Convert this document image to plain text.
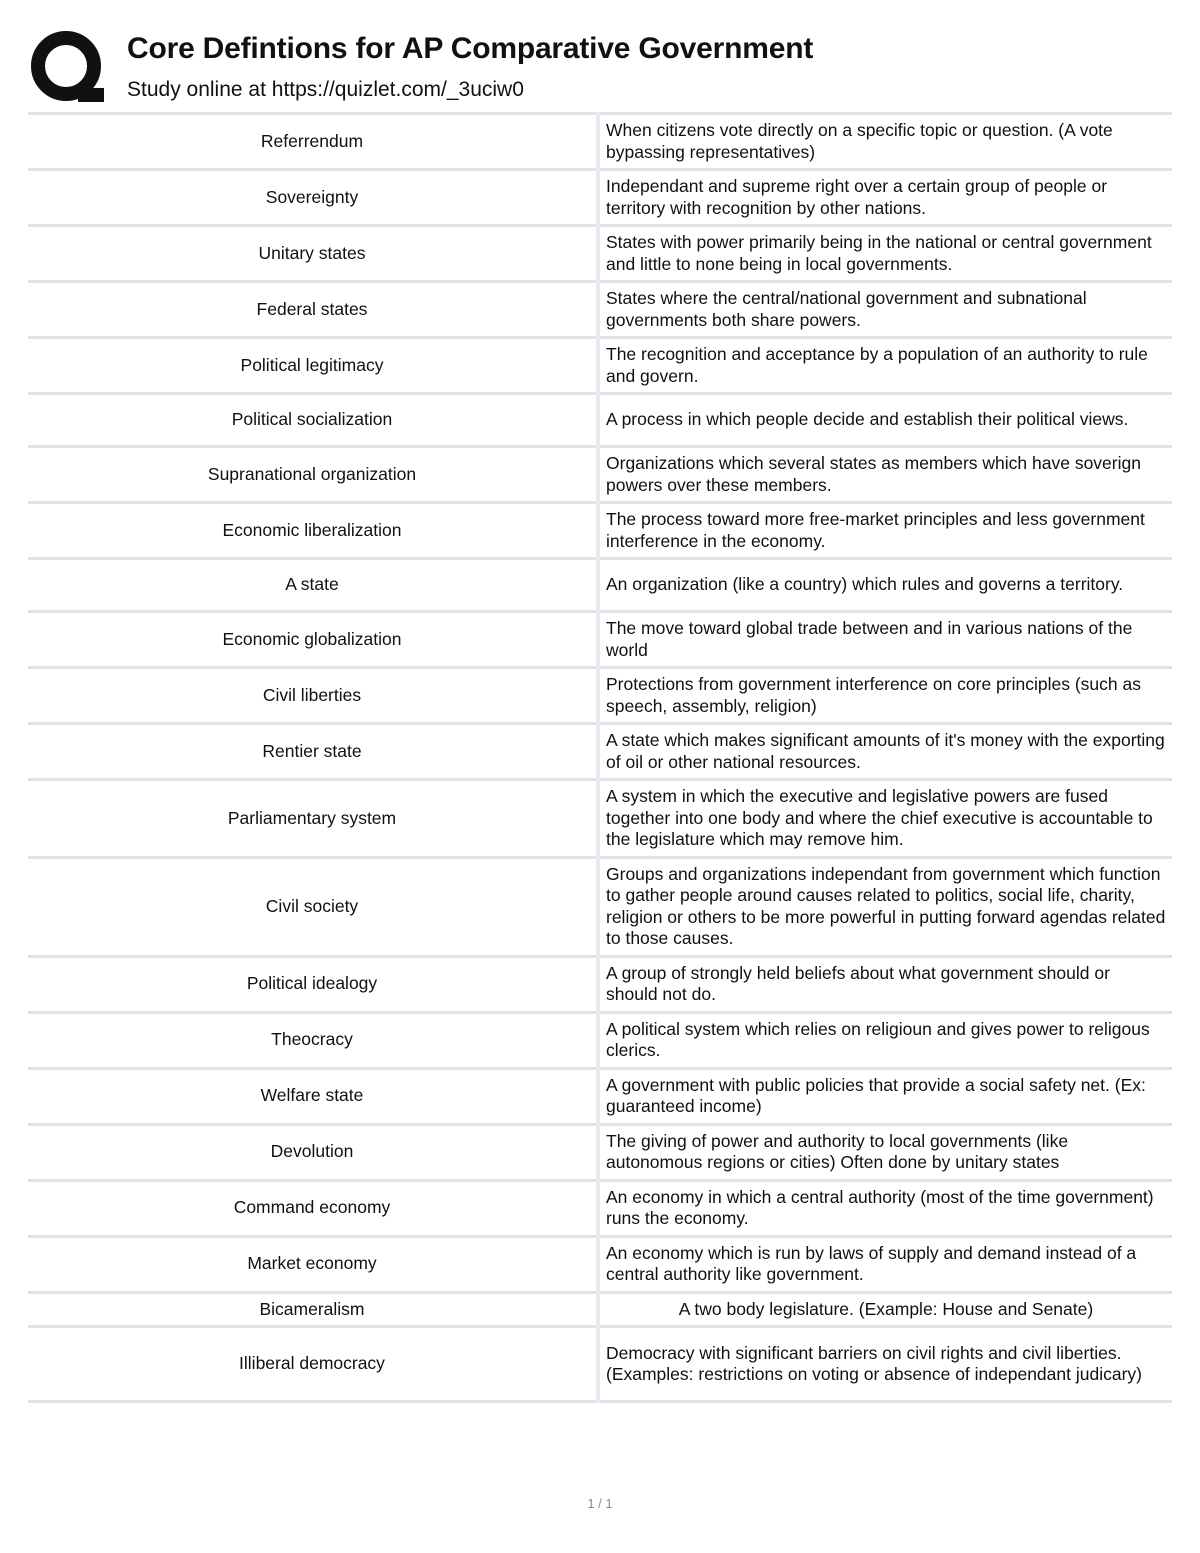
Core Defintions for AP Comparative Government

Study online at https://quizlet.com/_3uciw0

Referrendum	When citizens vote directly on a specific topic or question. (A vote bypassing representatives)
Sovereignty	Independant and supreme right over a certain group of people or territory with recognition by other nations.
Unitary states	States with power primarily being in the national or central government and little to none being in local governments.
Federal states	States where the central/national government and subnational governments both share powers.
Political legitimacy	The recognition and acceptance by a population of an authority to rule and govern.
Political socialization	A process in which people decide and establish their political views.
Supranational organization	Organizations which several states as members which have soverign powers over these members.
Economic liberalization	The process toward more free-market principles and less government interference in the economy.
A state	An organization (like a country) which rules and governs a territory.
Economic globalization	The move toward global trade between and in various nations of the world
Civil liberties	Protections from government interference on core principles (such as speech, assembly, religion)
Rentier state	A state which makes significant amounts of it's money with the exporting of oil or other national resources.
Parliamentary system	A system in which the executive and legislative powers are fused together into one body and where the chief executive is accountable to the legislature which may remove him.
Civil society	Groups and organizations independant from government which function to gather people around causes related to politics, social life, charity, religion or others to be more powerful in putting forward agendas related to those causes.
Political idealogy	A group of strongly held beliefs about what government should or should not do.
Theocracy	A political system which relies on religioun and gives power to religous clerics.
Welfare state	A government with public policies that provide a social safety net. (Ex: guaranteed income)
Devolution	The giving of power and authority to local governments (like autonomous regions or cities) Often done by unitary states
Command economy	An economy in which a central authority (most of the time government) runs the economy.
Market economy	An economy which is run by laws of supply and demand instead of a central authority like government.
Bicameralism	A two body legislature. (Example: House and Senate)
Illiberal democracy	Democracy with significant barriers on civil rights and civil liberties. (Examples: restrictions on voting or absence of independant judicary)
1 / 1
